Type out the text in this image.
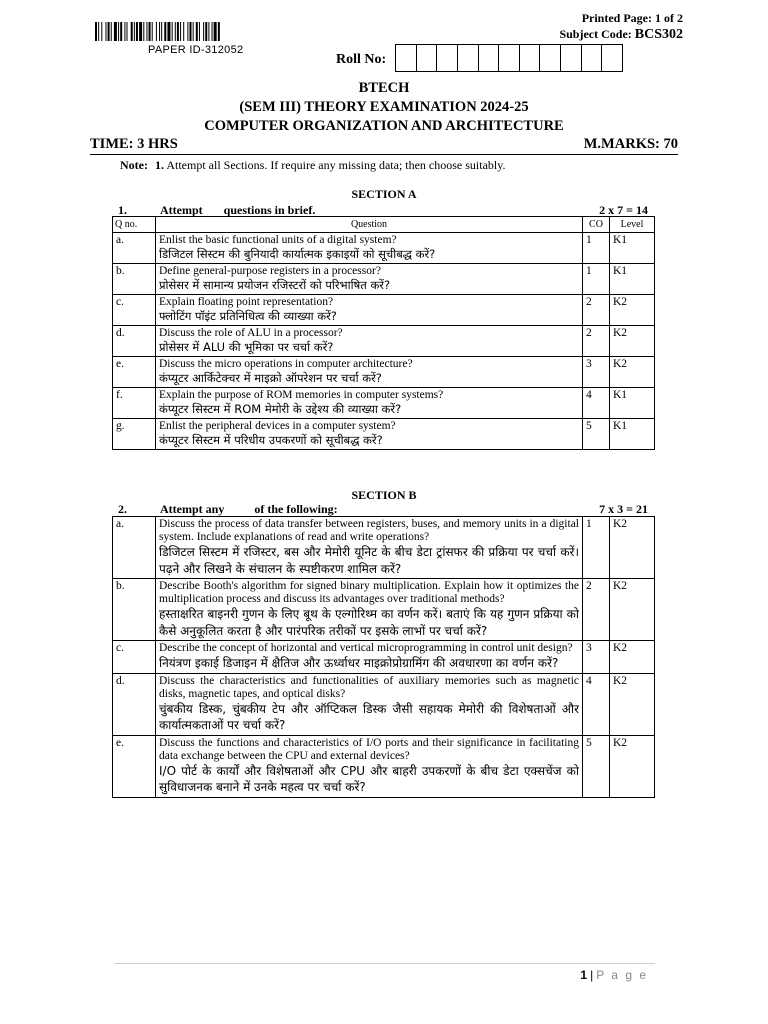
PAPER ID-312052
Printed Page: 1 of 2
Subject Code: BCS302
Roll No:
BTECH
(SEM III) THEORY EXAMINATION 2024-25
COMPUTER ORGANIZATION AND ARCHITECTURE
TIME: 3 HRS	M.MARKS: 70
Note: 1. Attempt all Sections. If require any missing data; then choose suitably.
SECTION A
1.	Attempt       questions in brief.	2 x 7 = 14
Q no.	Question	CO	Level
a.	Enlist the basic functional units of a digital system?
डिजिटल सिस्टम की बुनियादी कार्यात्मक इकाइयों को सूचीबद्ध करें?	1	K1
b.	Define general-purpose registers in a processor?
प्रोसेसर में सामान्य प्रयोजन रजिस्टरों को परिभाषित करें?	1	K1
c.	Explain floating point representation?
फ्लोटिंग पॉइंट प्रतिनिधित्व की व्याख्या करें?	2	K2
d.	Discuss the role of ALU in a processor?
प्रोसेसर में ALU की भूमिका पर चर्चा करें?	2	K2
e.	Discuss the micro operations in computer architecture?
कंप्यूटर आर्किटेक्चर में माइक्रो ऑपरेशन पर चर्चा करें?	3	K2
f.	Explain the purpose of ROM memories in computer systems?
कंप्यूटर सिस्टम में ROM मेमोरी के उद्देश्य की व्याख्या करें?	4	K1
g.	Enlist the peripheral devices in a computer system?
कंप्यूटर सिस्टम में परिधीय उपकरणों को सूचीबद्ध करें?	5	K1
SECTION B
2.	Attempt any          of the following:	7 x 3 = 21
a.	Discuss the process of data transfer between registers, buses, and memory units in a digital system. Include explanations of read and write operations?
डिजिटल सिस्टम में रजिस्टर, बस और मेमोरी यूनिट के बीच डेटा ट्रांसफर की प्रक्रिया पर चर्चा करें। पढ़ने और लिखने के संचालन के स्पष्टीकरण शामिल करें?	1	K2
b.	Describe Booth's algorithm for signed binary multiplication. Explain how it optimizes the multiplication process and discuss its advantages over traditional methods?
हस्ताक्षरित बाइनरी गुणन के लिए बूथ के एल्गोरिथ्म का वर्णन करें। बताएं कि यह गुणन प्रक्रिया को कैसे अनुकूलित करता है और पारंपरिक तरीकों पर इसके लाभों पर चर्चा करें?	2	K2
c.	Describe the concept of horizontal and vertical microprogramming in control unit design?
नियंत्रण इकाई डिजाइन में क्षैतिज और ऊर्ध्वाधर माइक्रोप्रोग्रामिंग की अवधारणा का वर्णन करें?	3	K2
d.	Discuss the characteristics and functionalities of auxiliary memories such as magnetic disks, magnetic tapes, and optical disks?
चुंबकीय डिस्क, चुंबकीय टेप और ऑप्टिकल डिस्क जैसी सहायक मेमोरी की विशेषताओं और कार्यात्मकताओं पर चर्चा करें?	4	K2
e.	Discuss the functions and characteristics of I/O ports and their significance in facilitating data exchange between the CPU and external devices?
I/O पोर्ट के कार्यों और विशेषताओं और CPU और बाहरी उपकरणों के बीच डेटा एक्सचेंज को सुविधाजनक बनाने में उनके महत्व पर चर्चा करें?	5	K2
1 | P a g e
